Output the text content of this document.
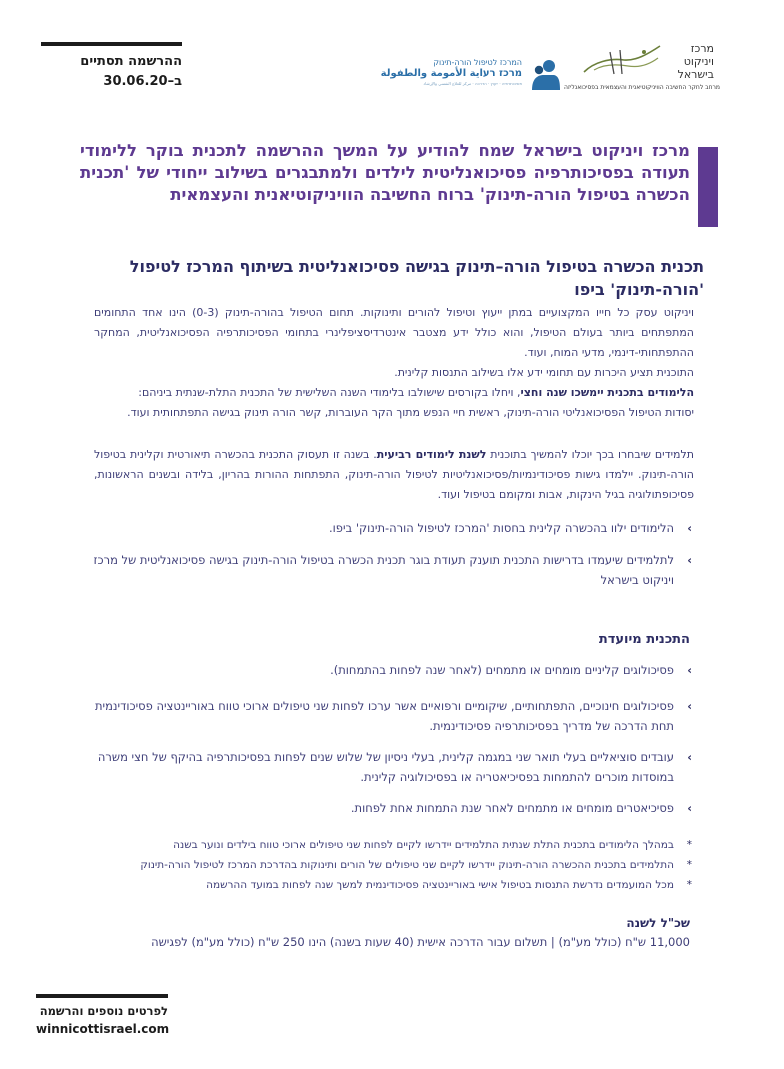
ההרשמה תסתיים
ב–30.06.20
המרכז לטיפול הורה-תינוק
מרכז רעاية الأمومة والطفولة
פסיכותרפיה · ייעוץ · הדרכה · مركز للعلاج النفسي والإرشاد
מרכז
ויניקוט
בישראל
מרחב לחקר החשיבה הוויניקוטיאנית והעצמאית בפסיכואנליזה
מרכז ויניקוט בישראל שמח להודיע על המשך ההרשמה לתכנית בוקר ללימודי תעודה בפסיכותרפיה פסיכואנליטית לילדים ולמתבגרים בשילוב ייחודי של 'תכנית הכשרה בטיפול הורה-תינוק' ברוח החשיבה הוויניקוטיאנית והעצמאית
תכנית הכשרה בטיפול הורה–תינוק בגישה פסיכואנליטית בשיתוף המרכז לטיפול 'הורה-תינוק' ביפו
ויניקוט עסק כל חייו המקצועיים במתן ייעוץ וטיפול להורים ותינוקות. תחום הטיפול בהורה-תינוק (0-3) הינו אחד התחומים המתפתחים ביותר בעולם הטיפול, והוא כולל ידע מצטבר אינטרדיסציפלינרי בתחומי הפסיכותרפיה הפסיכואנליטית, המחקר ההתפתחותי-דינמי, מדעי המוח, ועוד.
התוכנית תציע היכרות עם תחומי ידע אלו בשילוב התנסות קלינית.
הלימודים בתכנית יימשכו שנה וחצי, ויחלו בקורסים שישולבו בלימודי השנה השלישית של התכנית התלת-שנתית ביניהם:
יסודות הטיפול הפסיכואנליטי הורה-תינוק, ראשית חיי הנפש מתוך הקר העוברות, קשר הורה תינוק בגישה התפתחותית ועוד.
תלמידים שיבחרו בכך יוכלו להמשיך בתוכנית לשנת לימודים רביעית. בשנה זו תעסוק התכנית בהכשרה תיאורטית וקלינית בטיפול הורה-תינוק. יילמדו גישות פסיכודינמיות/פסיכואנליטיות לטיפול הורה-תינוק, התפתחות ההורות בהריון, בלידה ובשנים הראשונות, פסיכופתולוגיה בגיל הינקות, אבות ומקומם בטיפול ועוד.
›
הלימודים ילוו בהכשרה קלינית בחסות 'המרכז לטיפול הורה-תינוק' ביפו.
›
לתלמידים שיעמדו בדרישות התכנית תוענק תעודת בוגר תכנית הכשרה בטיפול הורה-תינוק בגישה פסיכואנליטית של מרכז ויניקוט בישראל
התכנית מיועדת
›
פסיכולוגים קליניים מומחים או מתמחים (לאחר שנה לפחות בהתמחות).
›
פסיכולוגים חינוכיים, התפתחותיים, שיקומיים ורפואיים אשר ערכו לפחות שני טיפולים ארוכי טווח באוריינטציה פסיכודינמית תחת הדרכה של מדריך בפסיכותרפיה פסיכודינמית.
›
עובדים סוציאליים בעלי תואר שני במגמה קלינית, בעלי ניסיון של שלוש שנים לפחות בפסיכותרפיה בהיקף של חצי משרה במוסדות מוכרים להתמחות בפסיכיאטריה או בפסיכולוגיה קלינית.
›
פסיכיאטרים מומחים או מתמחים לאחר שנת התמחות אחת לפחות.
*
במהלך הלימודים בתכנית התלת שנתית התלמידים יידרשו לקיים לפחות שני טיפולים ארוכי טווח בילדים ונוער בשנה
*
התלמידים בתכנית ההכשרה הורה-תינוק יידרשו לקיים שני טיפולים של הורים ותינוקות בהדרכת המרכז לטיפול הורה-תינוק
*
מכל המועמדים נדרשת התנסות בטיפול אישי באוריינטציה פסיכודינמית למשך שנה לפחות במועד ההרשמה
שכ"ל לשנה
11,000 ש"ח (כולל מע"מ) | תשלום עבור הדרכה אישית (40 שעות בשנה) הינו 250 ש"ח (כולל מע"מ) לפגישה
לפרטים נוספים והרשמה
winnicottisrael.com
